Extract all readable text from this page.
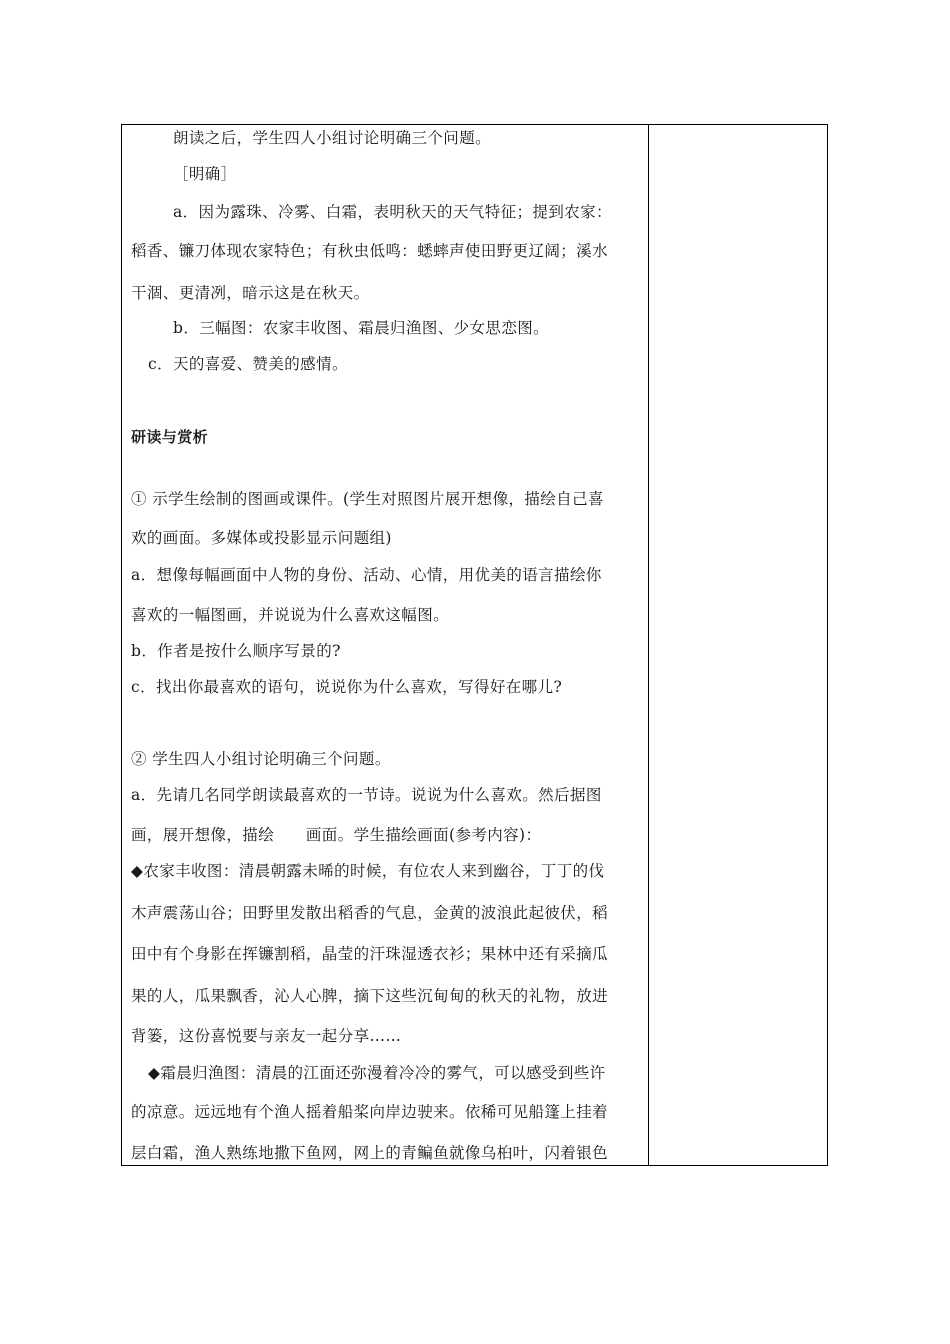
朗读之后，学生四人小组讨论明确三个问题。
［明确］
a．因为露珠、冷雾、白霜，表明秋天的天气特征；提到农家：
稻香、镰刀体现农家特色；有秋虫低鸣：蟋蟀声使田野更辽阔；溪水
干涸、更清冽，暗示这是在秋天。
b．三幅图：农家丰收图、霜晨归渔图、少女思恋图。
c．天的喜爱、赞美的感情。
研读与赏析
① 示学生绘制的图画或课件。(学生对照图片展开想像，描绘自己喜
欢的画面。多媒体或投影显示问题组)
a．想像每幅画面中人物的身份、活动、心情，用优美的语言描绘你
喜欢的一幅图画，并说说为什么喜欢这幅图。
b．作者是按什么顺序写景的?
c．找出你最喜欢的语句，说说你为什么喜欢，写得好在哪儿?
② 学生四人小组讨论明确三个问题。
a．先请几名同学朗读最喜欢的一节诗。说说为什么喜欢。然后据图
画，展开想像，描绘　　画面。学生描绘画面(参考内容)：
◆农家丰收图：清晨朝露未晞的时候，有位农人来到幽谷，丁丁的伐
木声震荡山谷；田野里发散出稻香的气息，金黄的波浪此起彼伏，稻
田中有个身影在挥镰割稻，晶莹的汗珠湿透衣衫；果林中还有采摘瓜
果的人，瓜果飘香，沁人心脾，摘下这些沉甸甸的秋天的礼物，放进
背篓，这份喜悦要与亲友一起分享……
◆霜晨归渔图：清晨的江面还弥漫着冷冷的雾气，可以感受到些许
的凉意。远远地有个渔人摇着船桨向岸边驶来。依稀可见船篷上挂着
层白霜，渔人熟练地撒下鱼网，网上的青鳊鱼就像乌桕叶，闪着银色
